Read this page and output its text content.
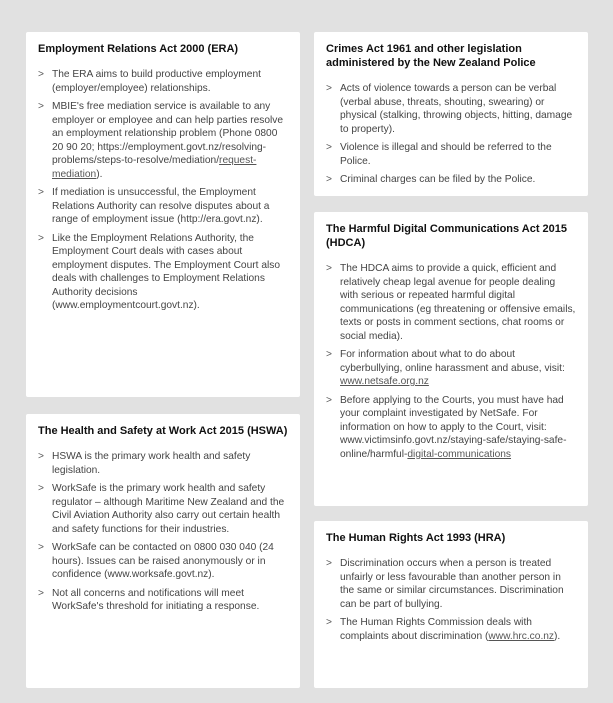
Employment Relations Act 2000 (ERA)
> The ERA aims to build productive employment (employer/employee) relationships.
> MBIE's free mediation service is available to any employer or employee and can help parties resolve an employment relationship problem (Phone 0800 20 90 20; https://employment.govt.nz/resolving-problems/steps-to-resolve/mediation/request-mediation).
> If mediation is unsuccessful, the Employment Relations Authority can resolve disputes about a range of employment issue (http://era.govt.nz).
> Like the Employment Relations Authority, the Employment Court deals with cases about employment disputes. The Employment Court also deals with challenges to Employment Relations Authority decisions (www.employmentcourt.govt.nz).
The Health and Safety at Work Act 2015 (HSWA)
> HSWA is the primary work health and safety legislation.
> WorkSafe is the primary work health and safety regulator – although Maritime New Zealand and the Civil Aviation Authority also carry out certain health and safety functions for their industries.
> WorkSafe can be contacted on 0800 030 040 (24 hours). Issues can be raised anonymously or in confidence (www.worksafe.govt.nz).
> Not all concerns and notifications will meet WorkSafe's threshold for initiating a response.
Crimes Act 1961 and other legislation administered by the New Zealand Police
> Acts of violence towards a person can be verbal (verbal abuse, threats, shouting, swearing) or physical (stalking, throwing objects, hitting, damage to property).
> Violence is illegal and should be referred to the Police.
> Criminal charges can be filed by the Police.
The Harmful Digital Communications Act 2015 (HDCA)
> The HDCA aims to provide a quick, efficient and relatively cheap legal avenue for people dealing with serious or repeated harmful digital communications (eg threatening or offensive emails, texts or posts in comment sections, chat rooms or social media).
> For information about what to do about cyberbullying, online harassment and abuse, visit: www.netsafe.org.nz
> Before applying to the Courts, you must have had your complaint investigated by NetSafe. For information on how to apply to the Court, visit: www.victimsinfo.govt.nz/staying-safe/staying-safe-online/harmful-digital-communications
The Human Rights Act 1993 (HRA)
> Discrimination occurs when a person is treated unfairly or less favourable than another person in the same or similar circumstances. Discrimination can be part of bullying.
> The Human Rights Commission deals with complaints about discrimination (www.hrc.co.nz).
